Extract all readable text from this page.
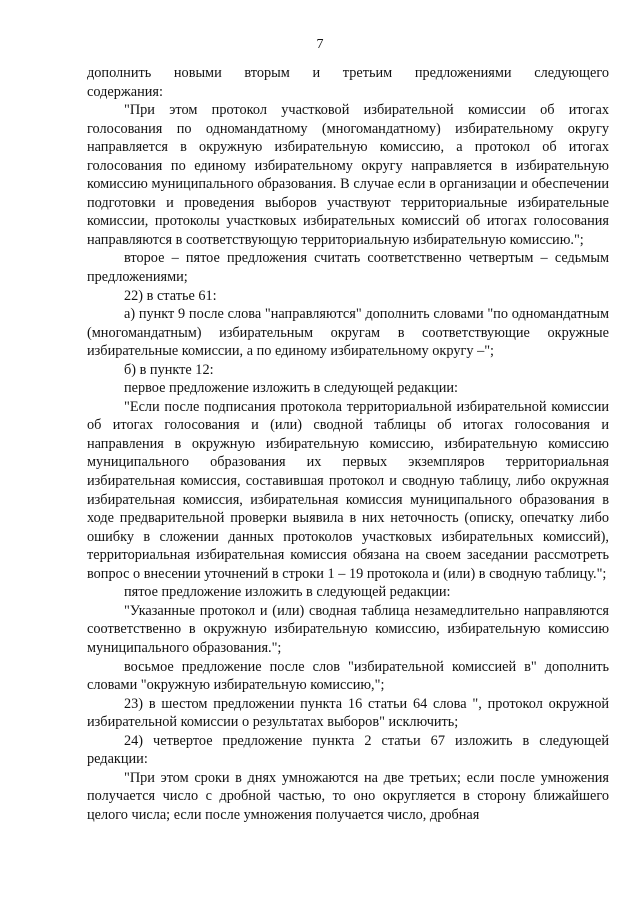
7

дополнить новыми вторым и третьим предложениями следующего содержания:

"При этом протокол участковой избирательной комиссии об итогах голосования по одномандатному (многомандатному) избирательному округу направляется в окружную избирательную комиссию, а протокол об итогах голосования по единому избирательному округу направляется в избирательную комиссию муниципального образования. В случае если в организации и обеспечении подготовки и проведения выборов участвуют территориальные избирательные комиссии, протоколы участковых избирательных комиссий об итогах голосования направляются в соответствующую территориальную избирательную комиссию.";

второе – пятое предложения считать соответственно четвертым – седьмым предложениями;

22) в статье 61:

а) пункт 9 после слова "направляются" дополнить словами "по одномандатным (многомандатным) избирательным округам в соответствующие окружные избирательные комиссии, а по единому избирательному округу –";

б) в пункте 12:

первое предложение изложить в следующей редакции:

"Если после подписания протокола территориальной избирательной комиссии об итогах голосования и (или) сводной таблицы об итогах голосования и направления в окружную избирательную комиссию, избирательную комиссию муниципального образования их первых экземпляров территориальная избирательная комиссия, составившая протокол и сводную таблицу, либо окружная избирательная комиссия, избирательная комиссия муниципального образования в ходе предварительной проверки выявила в них неточность (описку, опечатку либо ошибку в сложении данных протоколов участковых избирательных комиссий), территориальная избирательная комиссия обязана на своем заседании рассмотреть вопрос о внесении уточнений в строки 1 – 19 протокола и (или) в сводную таблицу.";

пятое предложение изложить в следующей редакции:

"Указанные протокол и (или) сводная таблица незамедлительно направляются соответственно в окружную избирательную комиссию, избирательную комиссию муниципального образования.";

восьмое предложение после слов "избирательной комиссией в" дополнить словами "окружную избирательную комиссию,";

23) в шестом предложении пункта 16 статьи 64 слова ", протокол окружной избирательной комиссии о результатах выборов" исключить;

24) четвертое предложение пункта 2 статьи 67 изложить в следующей редакции:

"При этом сроки в днях умножаются на две третьих; если после умножения получается число с дробной частью, то оно округляется в сторону ближайшего целого числа; если после умножения получается число, дробная
